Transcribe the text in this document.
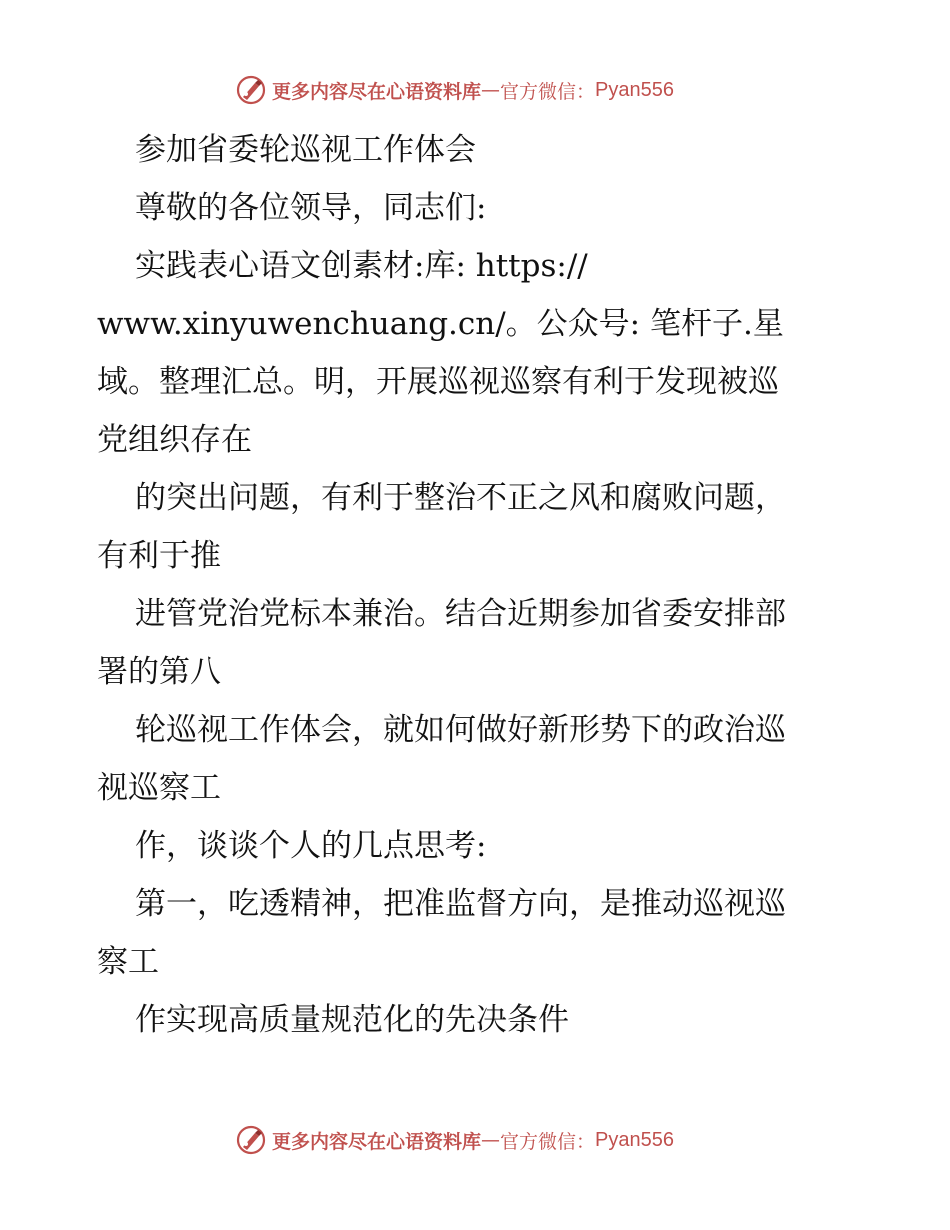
更多内容尽在心语资料库 — 官方微信： Pyan556
参加省委轮巡视工作体会
尊敬的各位领导，同志们:
实践表心语文创素材:库: https://
www.xinyuwenchuang.cn/。公众号: 笔杆子.星
域。整理汇总。明，开展巡视巡察有利于发现被巡
党组织存在
的突出问题，有利于整治不正之风和腐败问题，
有利于推
进管党治党标本兼治。结合近期参加省委安排部
署的第八
轮巡视工作体会，就如何做好新形势下的政治巡
视巡察工
作，谈谈个人的几点思考:
第一，吃透精神，把准监督方向，是推动巡视巡
察工
作实现高质量规范化的先决条件
更多内容尽在心语资料库 — 官方微信： Pyan556
